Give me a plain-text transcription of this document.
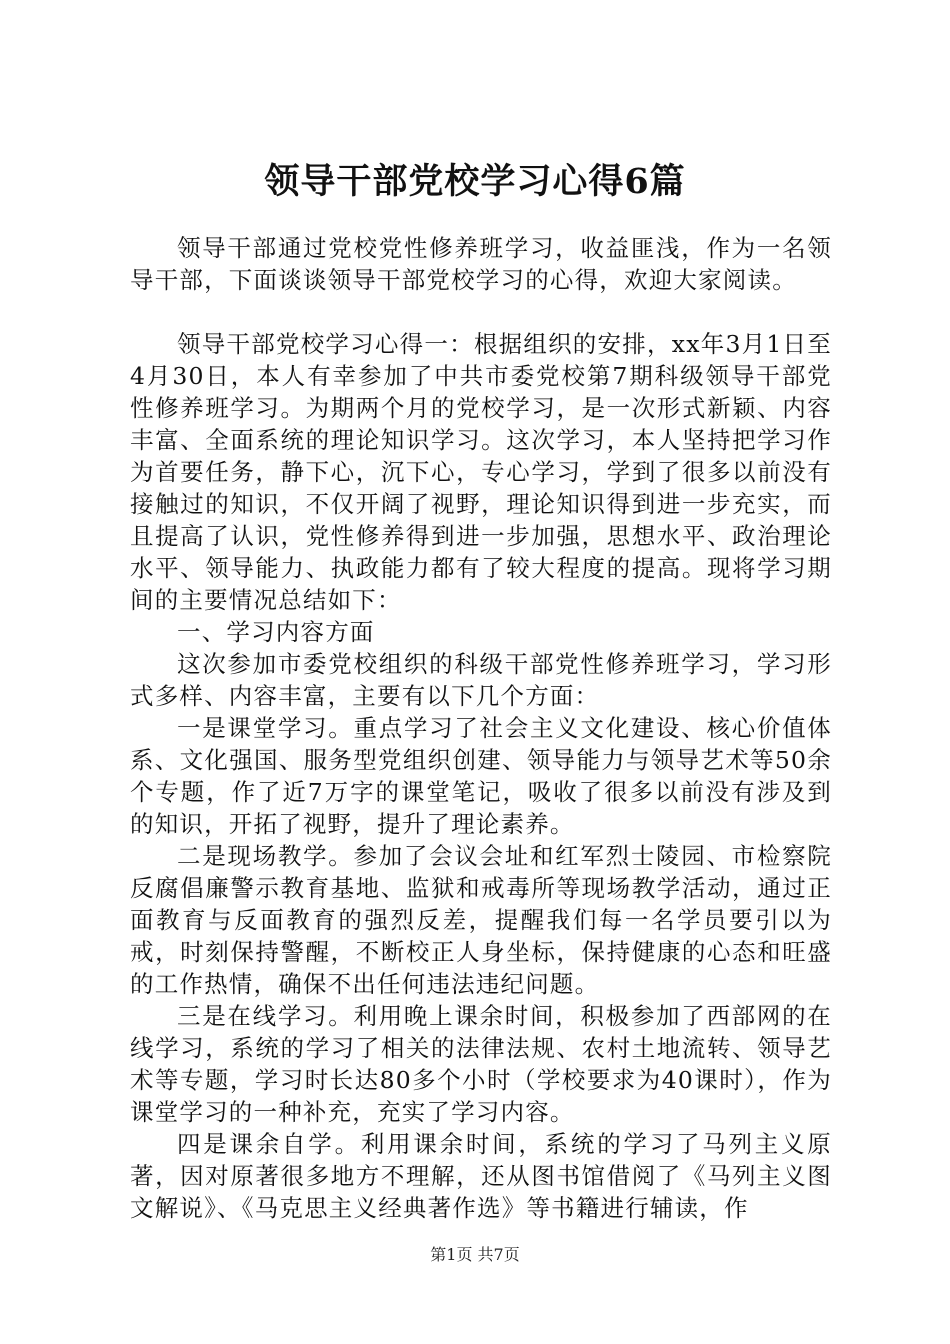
领导干部党校学习心得6篇

领导干部通过党校党性修养班学习，收益匪浅，作为一名领导干部，下面谈谈领导干部党校学习的心得，欢迎大家阅读。

领导干部党校学习心得一：根据组织的安排，xx年3月1日至4月30日，本人有幸参加了中共市委党校第7期科级领导干部党性修养班学习。为期两个月的党校学习，是一次形式新颖、内容丰富、全面系统的理论知识学习。这次学习，本人坚持把学习作为首要任务，静下心，沉下心，专心学习，学到了很多以前没有接触过的知识，不仅开阔了视野，理论知识得到进一步充实，而且提高了认识，党性修养得到进一步加强，思想水平、政治理论水平、领导能力、执政能力都有了较大程度的提高。现将学习期间的主要情况总结如下：

一、学习内容方面

这次参加市委党校组织的科级干部党性修养班学习，学习形式多样、内容丰富，主要有以下几个方面：

一是课堂学习。重点学习了社会主义文化建设、核心价值体系、文化强国、服务型党组织创建、领导能力与领导艺术等50余个专题，作了近7万字的课堂笔记，吸收了很多以前没有涉及到的知识，开拓了视野，提升了理论素养。

二是现场教学。参加了会议会址和红军烈士陵园、市检察院反腐倡廉警示教育基地、监狱和戒毒所等现场教学活动，通过正面教育与反面教育的强烈反差，提醒我们每一名学员要引以为戒，时刻保持警醒，不断校正人身坐标，保持健康的心态和旺盛的工作热情，确保不出任何违法违纪问题。

三是在线学习。利用晚上课余时间，积极参加了西部网的在线学习，系统的学习了相关的法律法规、农村土地流转、领导艺术等专题，学习时长达80多个小时（学校要求为40课时），作为课堂学习的一种补充，充实了学习内容。

四是课余自学。利用课余时间，系统的学习了马列主义原著，因对原著很多地方不理解，还从图书馆借阅了《马列主义图文解说》、《马克思主义经典著作选》等书籍进行辅读，作

第1页 共7页
